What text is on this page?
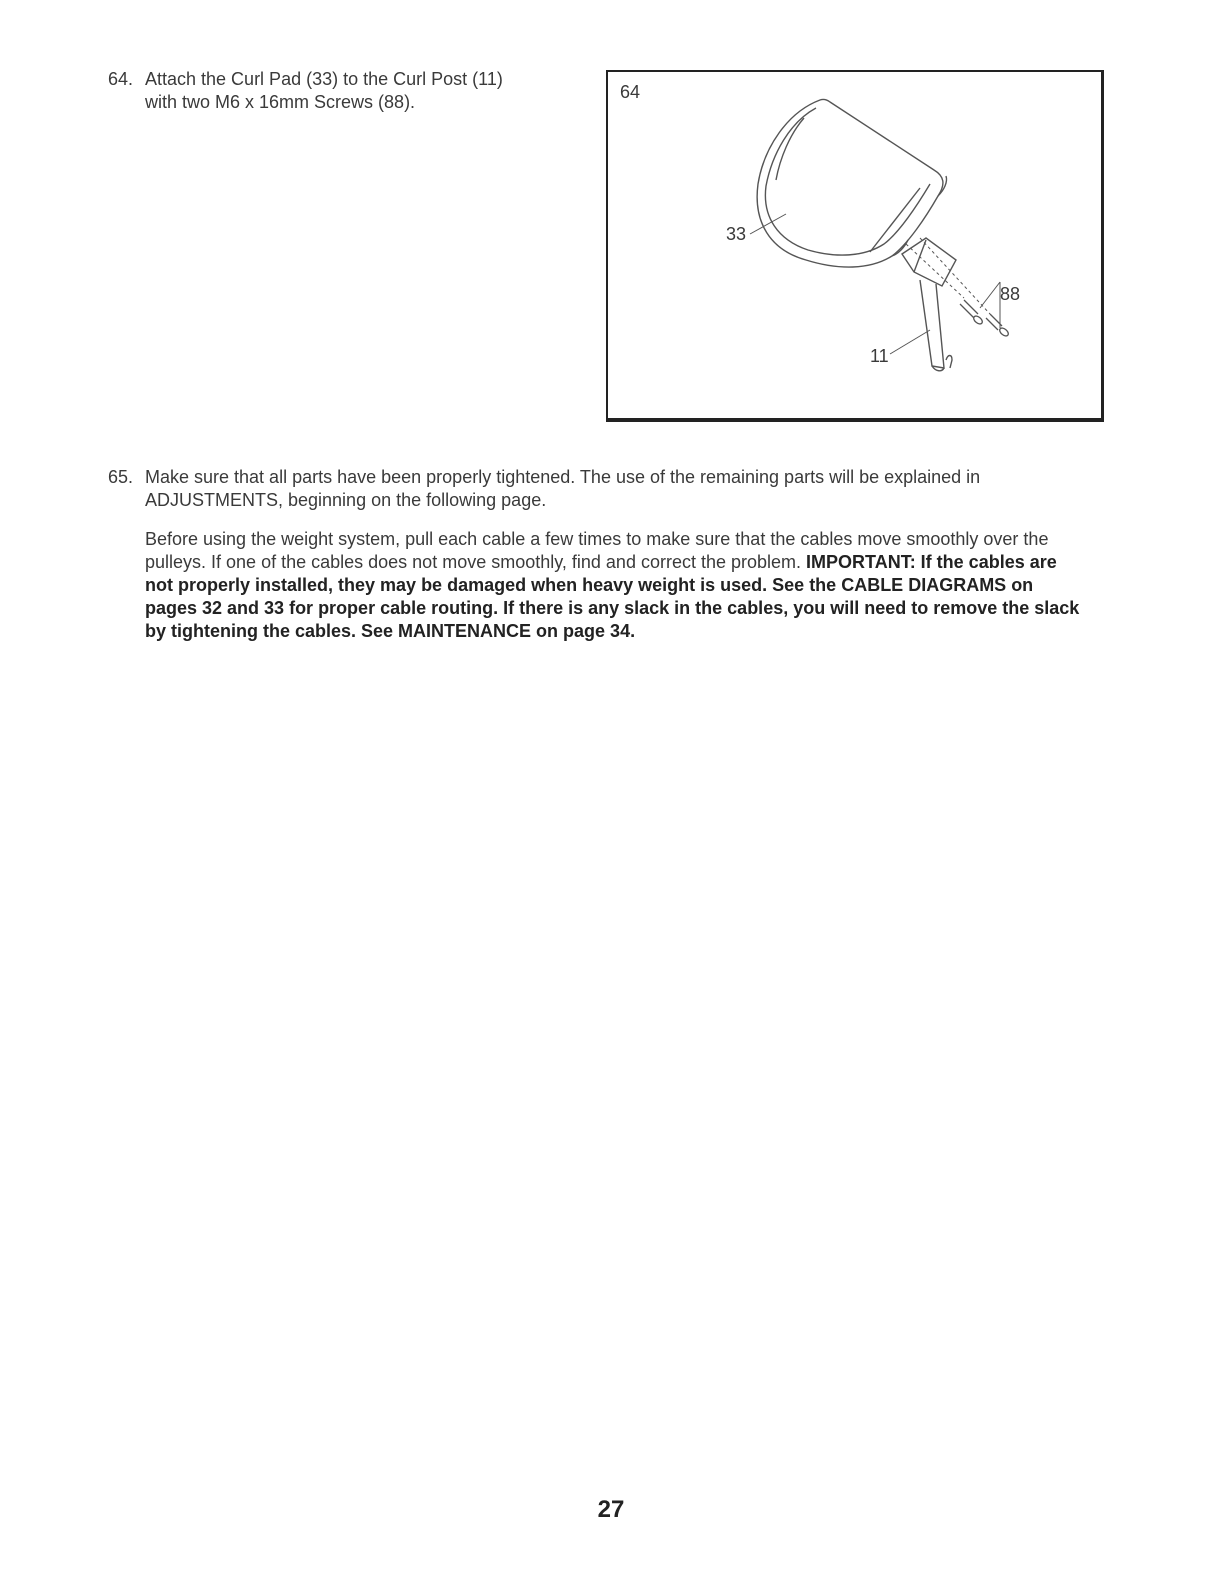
64. Attach the Curl Pad (33) to the Curl Post (11)
with two M6 x 16mm Screws (88).	64
33
88
11
65. Make sure that all parts have been properly tightened. The use of the remaining parts will be explained in ADJUSTMENTS, beginning on the following page.
Before using the weight system, pull each cable a few times to make sure that the cables move smoothly over the pulleys. If one of the cables does not move smoothly, find and correct the problem. IMPORTANT: If the cables are not properly installed, they may be damaged when heavy weight is used. See the CABLE DIAGRAMS on pages 32 and 33 for proper cable routing. If there is any slack in the cables, you will need to remove the slack by tightening the cables. See MAINTENANCE on page 34.
27
